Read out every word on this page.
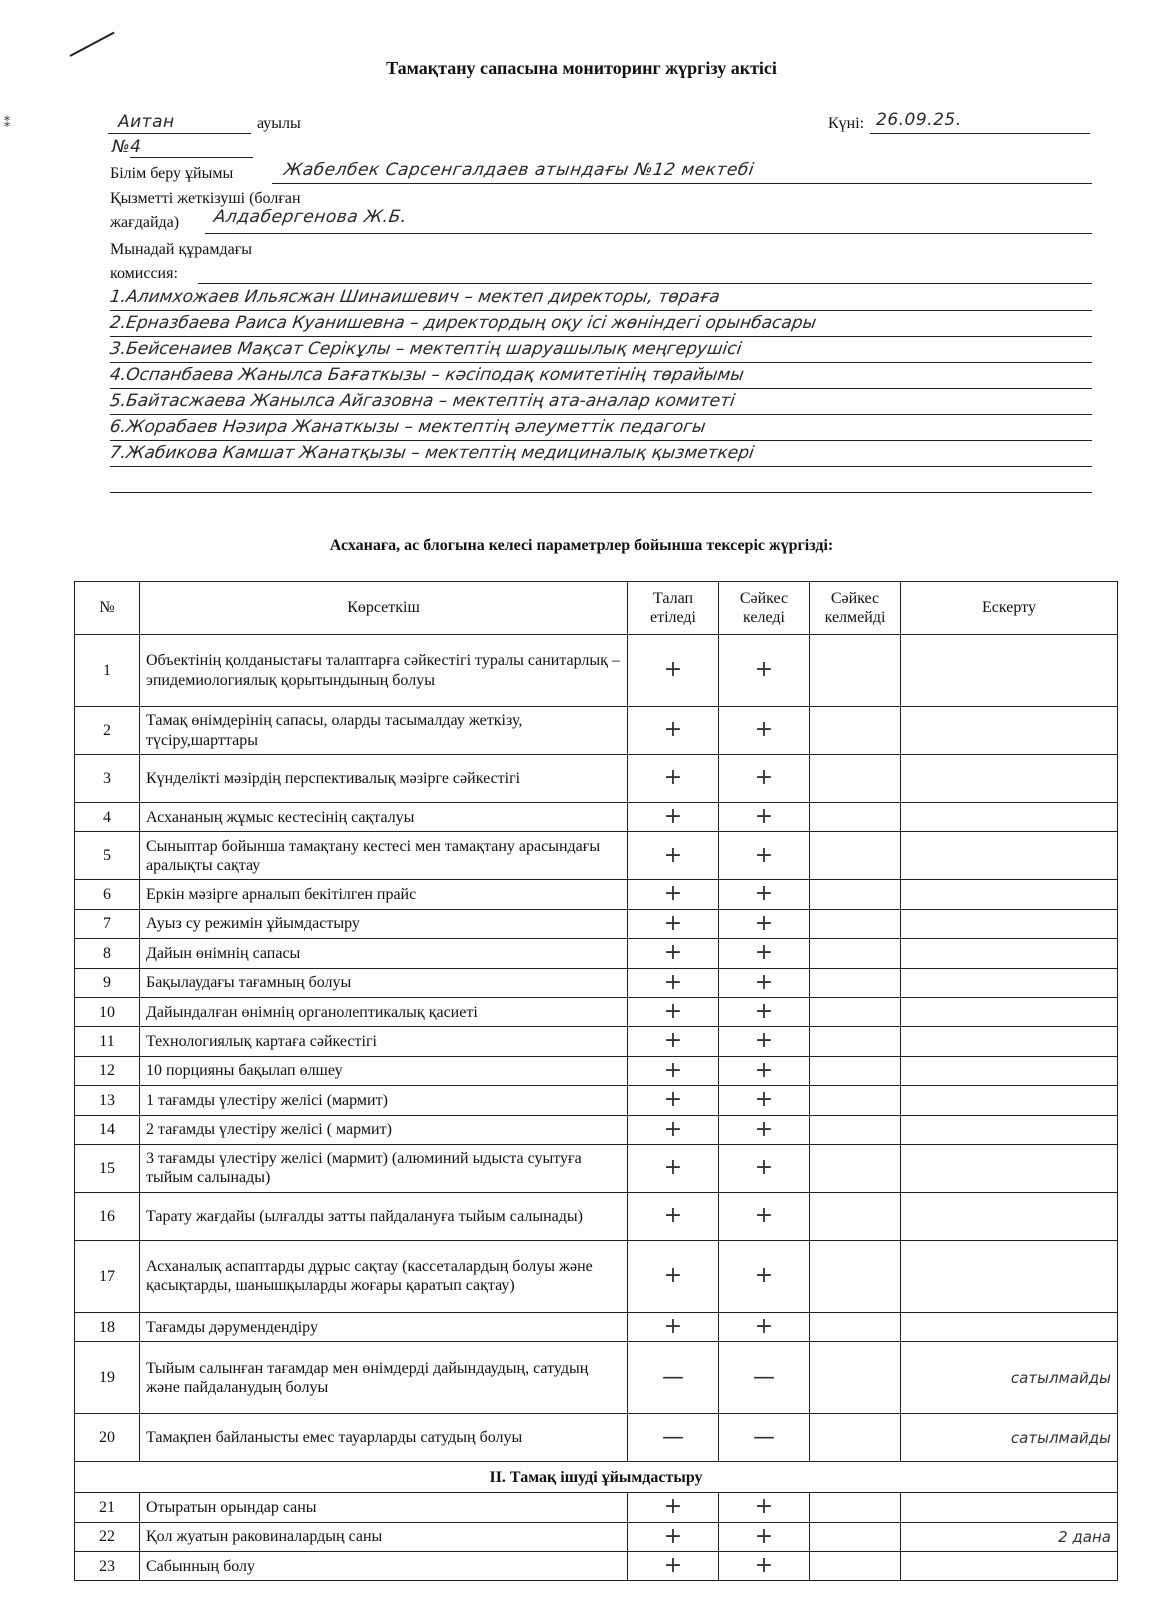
⁑
Тамақтану сапасына мониторинг жүргізу актісі
Аитан	ауылы	Күні: 26.09.25.
№4
Білім беру ұйымы	Жабелбек Сарсенгалдаев атындағы №12 мектебі
Қызметті жеткізуші (болған
жағдайда) Алдабергенова Ж.Б.
Мынадай құрамдағы
комиссия:
1.Алимхожаев Ильясжан Шинаишевич – мектеп директоры, төраға
2.Ерназбаева Раиса Куанишевна – директордың оқу ісі жөніндегі орынбасары
3.Бейсенаиев Мақсат Серікұлы – мектептің шаруашылық меңгерушісі
4.Оспанбаева Жанылса Бағаткызы – кәсіподақ комитетінің төрайымы
5.Байтасжаева Жанылса Айгазовна – мектептің ата-аналар комитеті
6.Жорабаев Нәзира Жанаткызы – мектептің әлеуметтік педагогы
7.Жабикова Камшат Жанатқызы – мектептің медициналық қызметкері
Асханаға, ас блогына келесі параметрлер бойынша тексеріс жүргізді:
№	Көрсеткіш	Талап етіледі	Сәйкес келеді	Сәйкес келмейді	Ескерту
1	Объектінің қолданыстағы талаптарға сәйкестігі туралы санитарлық – эпидемиологиялық қорытындының болуы	+	+		
2	Тамақ өнімдерінің сапасы, оларды тасымалдау жеткізу, түсіру,шарттары	+	+		
3	Күнделікті мәзірдің перспективалық мәзірге сәйкестігі	+	+		
4	Асхананың жұмыс кестесінің сақталуы	+	+		
5	Сыныптар бойынша тамақтану кестесі мен тамақтану арасындағы аралықты сақтау	+	+		
6	Еркін мәзірге арналып бекітілген прайс	+	+		
7	Ауыз су режимін ұйымдастыру	+	+		
8	Дайын өнімнің сапасы	+	+		
9	Бақылаудағы тағамның болуы	+	+		
10	Дайындалған өнімнің органолептикалық қасиеті	+	+		
11	Технологиялық картаға сәйкестігі	+	+		
12	10 порцияны бақылап өлшеу	+	+		
13	1 тағамды үлестіру желісі (мармит)	+	+		
14	2 тағамды үлестіру желісі ( мармит)	+	+		
15	3 тағамды үлестіру желісі (мармит) (алюминий ыдыста суытуға тыйым салынады)	+	+		
16	Тарату жағдайы (ылғалды затты пайдалануға тыйым салынады)	+	+		
17	Асханалық аспаптарды дұрыс сақтау (кассеталардың болуы және қасықтарды, шанышқыларды жоғары қаратып сақтау)	+	+		
18	Тағамды дәрумендендіру	+	+		
19	Тыйым салынған тағамдар мен өнімдерді дайындаудың, сатудың және пайдаланудың болуы	—	—		сатылмайды
20	Тамақпен байланысты емес тауарларды сатудың болуы	—	—		сатылмайды
II. Тамақ ішуді ұйымдастыру					
21	Отыратын орындар саны	+	+		
22	Қол жуатын раковиналардың саны	+	+		2 дана
23	Сабынның болу	+	+		
